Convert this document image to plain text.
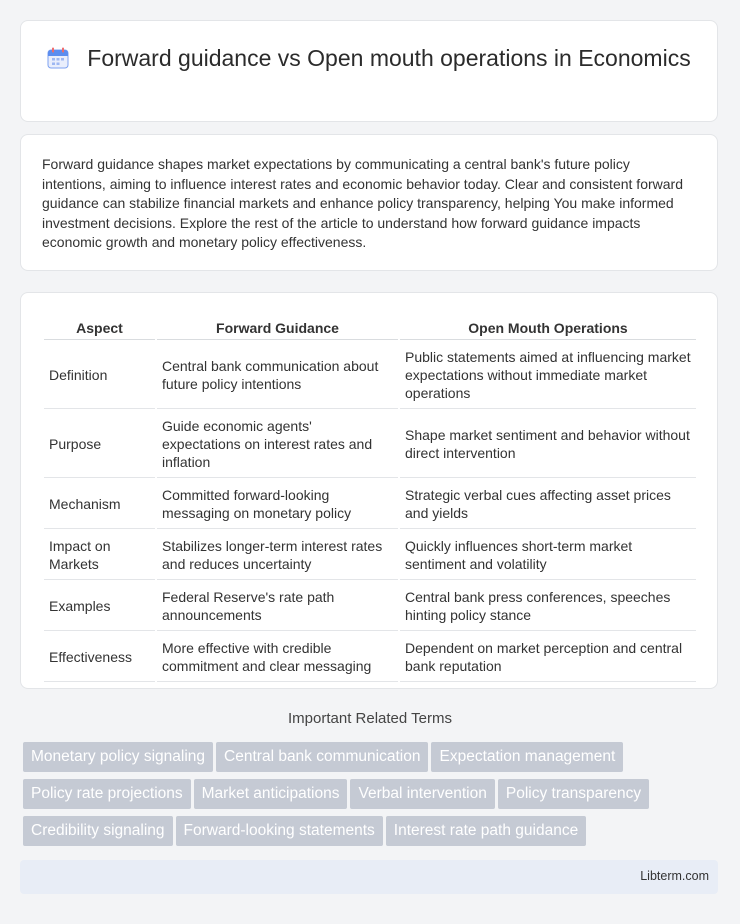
Forward guidance vs Open mouth operations in Economics
Forward guidance shapes market expectations by communicating a central bank's future policy intentions, aiming to influence interest rates and economic behavior today. Clear and consistent forward guidance can stabilize financial markets and enhance policy transparency, helping You make informed investment decisions. Explore the rest of the article to understand how forward guidance impacts economic growth and monetary policy effectiveness.
Aspect	Forward Guidance	Open Mouth Operations
Definition	Central bank communication about future policy intentions	Public statements aimed at influencing market expectations without immediate market operations
Purpose	Guide economic agents' expectations on interest rates and inflation	Shape market sentiment and behavior without direct intervention
Mechanism	Committed forward-looking messaging on monetary policy	Strategic verbal cues affecting asset prices and yields
Impact on Markets	Stabilizes longer-term interest rates and reduces uncertainty	Quickly influences short-term market sentiment and volatility
Examples	Federal Reserve's rate path announcements	Central bank press conferences, speeches hinting policy stance
Effectiveness	More effective with credible commitment and clear messaging	Dependent on market perception and central bank reputation
Important Related Terms
Monetary policy signaling Central bank communication Expectation managementPolicy rate projections Market anticipations Verbal intervention Policy transparencyCredibility signaling Forward-looking statements Interest rate path guidance
Libterm.com
